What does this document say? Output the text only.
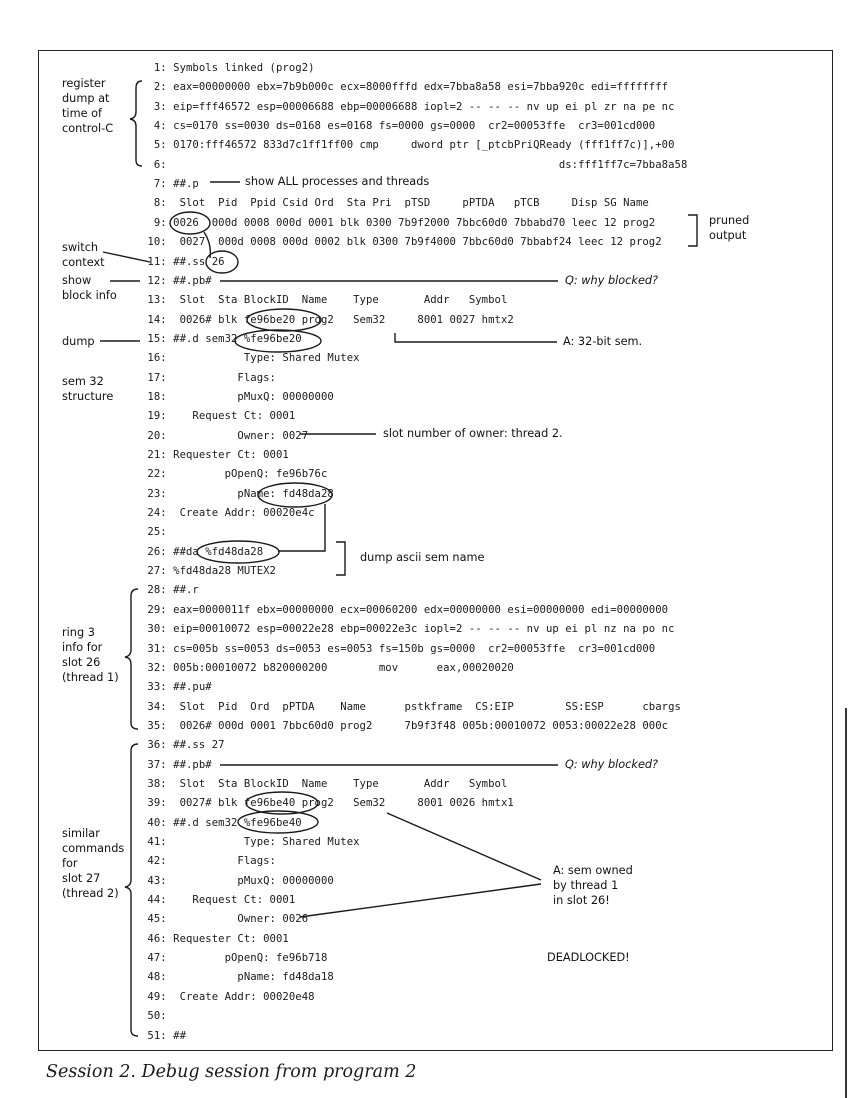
1: Symbols linked (prog2)
2: eax=00000000 ebx=7b9b000c ecx=8000fffd edx=7bba8a58 esi=7bba920c edi=ffffffff
3: eip=fff46572 esp=00006688 ebp=00006688 iopl=2 -- -- -- nv up ei pl zr na pe nc
4: cs=0170 ss=0030 ds=0168 es=0168 fs=0000 gs=0000  cr2=00053ffe  cr3=001cd000
5: 0170:fff46572 833d7c1ff1ff00 cmp     dword ptr [_ptcbPriQReady (fff1ff7c)],+00
6:                                                             ds:fff1ff7c=7bba8a58
7: ##.p
8:  Slot  Pid  Ppid Csid Ord  Sta Pri  pTSD     pPTDA   pTCB     Disp SG Name
9: 0026  000d 0008 000d 0001 blk 0300 7b9f2000 7bbc60d0 7bbabd70 leec 12 prog2
10:  0027  000d 0008 000d 0002 blk 0300 7b9f4000 7bbc60d0 7bbabf24 leec 12 prog2
11: ##.ss 26
12: ##.pb#
13:  Slot  Sta BlockID  Name    Type       Addr   Symbol
14:  0026# blk fe96be20 prog2   Sem32     8001 0027 hmtx2
15: ##.d sem32 %fe96be20
16:            Type: Shared Mutex
17:           Flags:
18:           pMuxQ: 00000000
19:    Request Ct: 0001
20:           Owner: 0027
21: Requester Ct: 0001
22:         pOpenQ: fe96b76c
23:           pName: fd48da28
24:  Create Addr: 00020e4c
25:
26: ##da %fd48da28
27: %fd48da28 MUTEX2
28: ##.r
29: eax=0000011f ebx=00000000 ecx=00060200 edx=00000000 esi=00000000 edi=00000000
30: eip=00010072 esp=00022e28 ebp=00022e3c iopl=2 -- -- -- nv up ei pl nz na po nc
31: cs=005b ss=0053 ds=0053 es=0053 fs=150b gs=0000  cr2=00053ffe  cr3=001cd000
32: 005b:00010072 b820000200        mov      eax,00020020
33: ##.pu#
34:  Slot  Pid  Ord  pPTDA    Name      pstkframe  CS:EIP        SS:ESP      cbargs
35:  0026# 000d 0001 7bbc60d0 prog2     7b9f3f48 005b:00010072 0053:00022e28 000c
36: ##.ss 27
37: ##.pb#
38:  Slot  Sta BlockID  Name    Type       Addr   Symbol
39:  0027# blk fe96be40 prog2   Sem32     8001 0026 hmtx1
40: ##.d sem32 %fe96be40
41:            Type: Shared Mutex
42:           Flags:
43:           pMuxQ: 00000000
44:    Request Ct: 0001
45:           Owner: 0026
46: Requester Ct: 0001
47:         pOpenQ: fe96b718
48:           pName: fd48da18
49:  Create Addr: 00020e48
50:
51: ##
register
dump at
time of
control-C
show ALL processes and threads
pruned
output
switch
context
show
block info
Q: why blocked?
dump	A: 32-bit sem.
sem 32
structure
slot number of owner: thread 2.
dump ascii sem name
ring 3
info for
slot 26
(thread 1)
Q: why blocked?
similar
commands
for
slot 27
(thread 2)
A: sem owned
by thread 1
in slot 26!
DEADLOCKED!
Session 2. Debug session from program 2
